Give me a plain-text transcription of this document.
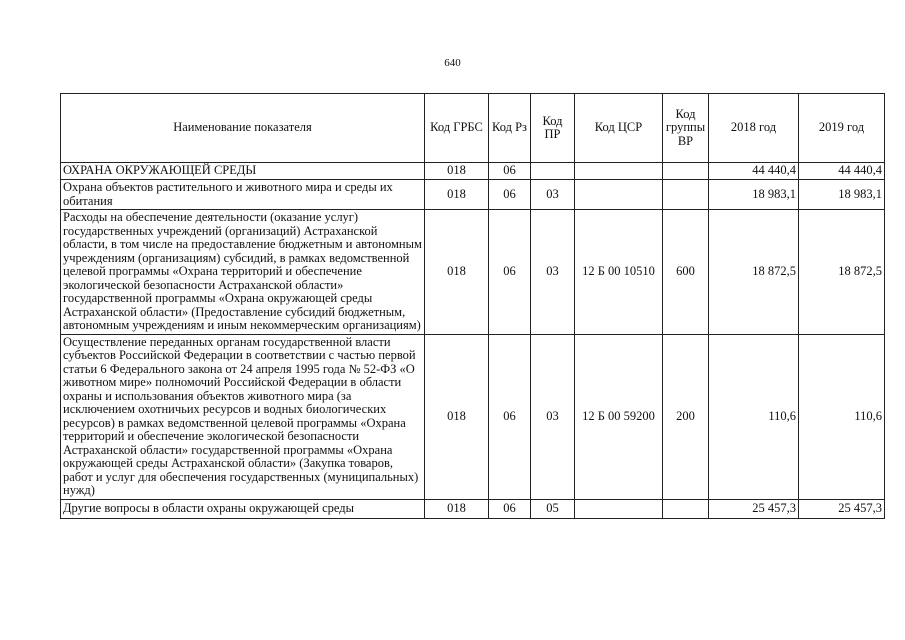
640
Наименование показателя	Код ГРБС	Код Рз	Код ПР	Код ЦСР	Код группы ВР	2018 год	2019 год
ОХРАНА ОКРУЖАЮЩЕЙ СРЕДЫ	018	06				44 440,4	44 440,4
Охрана объектов растительного и животного мира и среды их обитания	018	06	03			18 983,1	18 983,1
Расходы на обеспечение деятельности (оказание услуг) государственных учреждений (организаций) Астраханской области, в том числе на предоставление бюджетным и автономным учреждениям (организациям) субсидий, в рамках ведомственной целевой программы «Охрана территорий и обеспечение экологической безопасности Астраханской области» государственной программы «Охрана окружающей среды Астраханской области» (Предоставление субсидий бюджетным, автономным учреждениям и иным некоммерческим организациям)	018	06	03	12 Б 00 10510	600	18 872,5	18 872,5
Осуществление переданных органам государственной власти субъектов Российской Федерации в соответствии с частью первой статьи 6 Федерального закона от 24 апреля 1995 года № 52-ФЗ «О животном мире» полномочий Российской Федерации в области охраны и использования объектов животного мира (за исключением охотничьих ресурсов и водных биологических ресурсов) в рамках ведомственной целевой программы «Охрана территорий и обеспечение экологической безопасности Астраханской области» государственной программы «Охрана окружающей среды Астраханской области» (Закупка товаров, работ и услуг для обеспечения государственных (муниципальных) нужд)	018	06	03	12 Б 00 59200	200	110,6	110,6
Другие вопросы в области охраны окружающей среды	018	06	05			25 457,3	25 457,3
